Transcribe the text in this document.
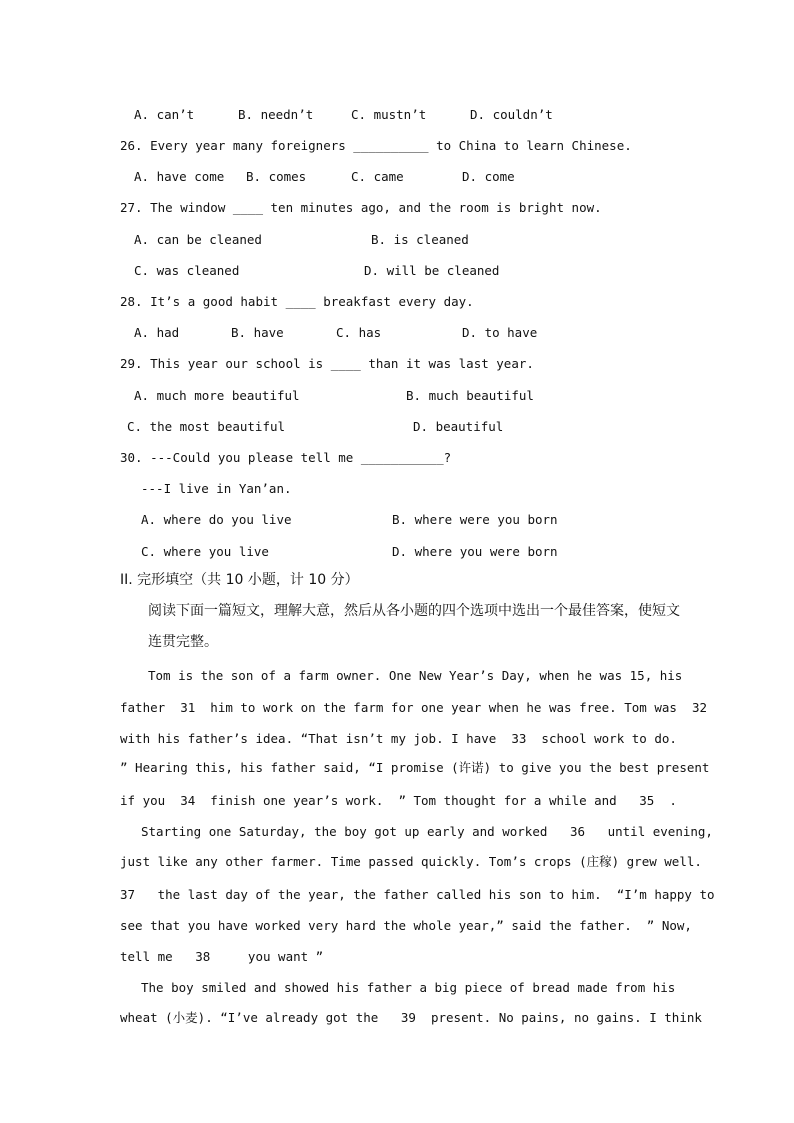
A. can’t	B. needn’t	C. mustn’t	D. couldn’t
26. Every year many foreigners __________ to China to learn Chinese.
A. have come B. comes	C. came	D. come
27. The window ____ ten minutes ago, and the room is bright now.
A. can be cleaned	B. is cleaned
C. was cleaned	D. will be cleaned
28. It’s a good habit ____ breakfast every day.
A. had	B. have	C. has	D. to have
29. This year our school is ____ than it was last year.
A. much more beautiful	B. much beautiful
C. the most beautiful	D. beautiful
30. ---Could you please tell me ___________?
---I live in Yan’an.
A. where do you live	B. where were you born
C. where you live	D. where you were born
II. 完形填空（共 10 小题，计 10 分）
阅读下面一篇短文，理解大意，然后从各小题的四个选项中选出一个最佳答案，使短文
连贯完整。
Tom is the son of a farm owner. One New Year’s Day, when he was 15, his
father  31  him to work on the farm for one year when he was free. Tom was  32
with his father’s idea. “That isn’t my job. I have  33  school work to do.
” Hearing this, his father said, “I promise (许诺) to give you the best present
if you  34  finish one year’s work.  ” Tom thought for a while and   35  .
Starting one Saturday, the boy got up early and worked   36   until evening,
just like any other farmer. Time passed quickly. Tom’s crops (庄稼) grew well.
37   the last day of the year, the father called his son to him.  “I’m happy to
see that you have worked very hard the whole year,” said the father.  ” Now,
tell me   38     you want ”
The boy smiled and showed his father a big piece of bread made from his
wheat (小麦). “I’ve already got the   39  present. No pains, no gains. I think
